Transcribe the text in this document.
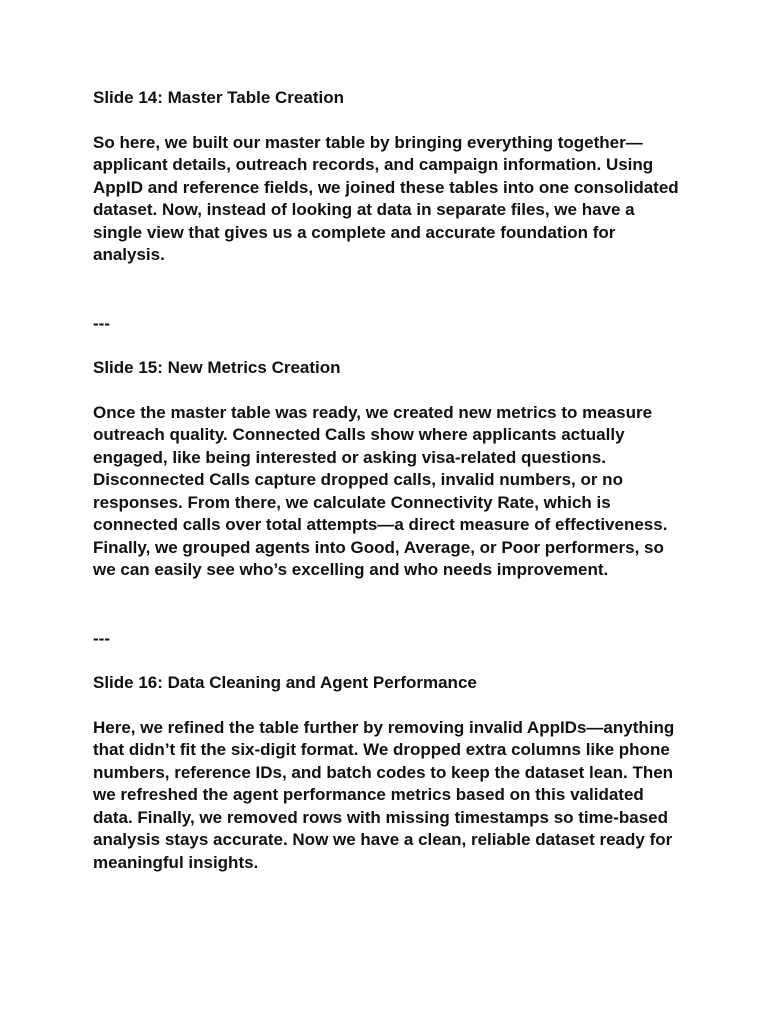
Slide 14: Master Table Creation

So here, we built our master table by bringing everything together—applicant details, outreach records, and campaign information. Using AppID and reference fields, we joined these tables into one consolidated dataset. Now, instead of looking at data in separate files, we have a single view that gives us a complete and accurate foundation for analysis.

---

Slide 15: New Metrics Creation

Once the master table was ready, we created new metrics to measure outreach quality. Connected Calls show where applicants actually engaged, like being interested or asking visa-related questions. Disconnected Calls capture dropped calls, invalid numbers, or no responses. From there, we calculate Connectivity Rate, which is connected calls over total attempts—a direct measure of effectiveness. Finally, we grouped agents into Good, Average, or Poor performers, so we can easily see who’s excelling and who needs improvement.

---

Slide 16: Data Cleaning and Agent Performance

Here, we refined the table further by removing invalid AppIDs—anything that didn’t fit the six-digit format. We dropped extra columns like phone numbers, reference IDs, and batch codes to keep the dataset lean. Then we refreshed the agent performance metrics based on this validated data. Finally, we removed rows with missing timestamps so time-based analysis stays accurate. Now we have a clean, reliable dataset ready for meaningful insights.
